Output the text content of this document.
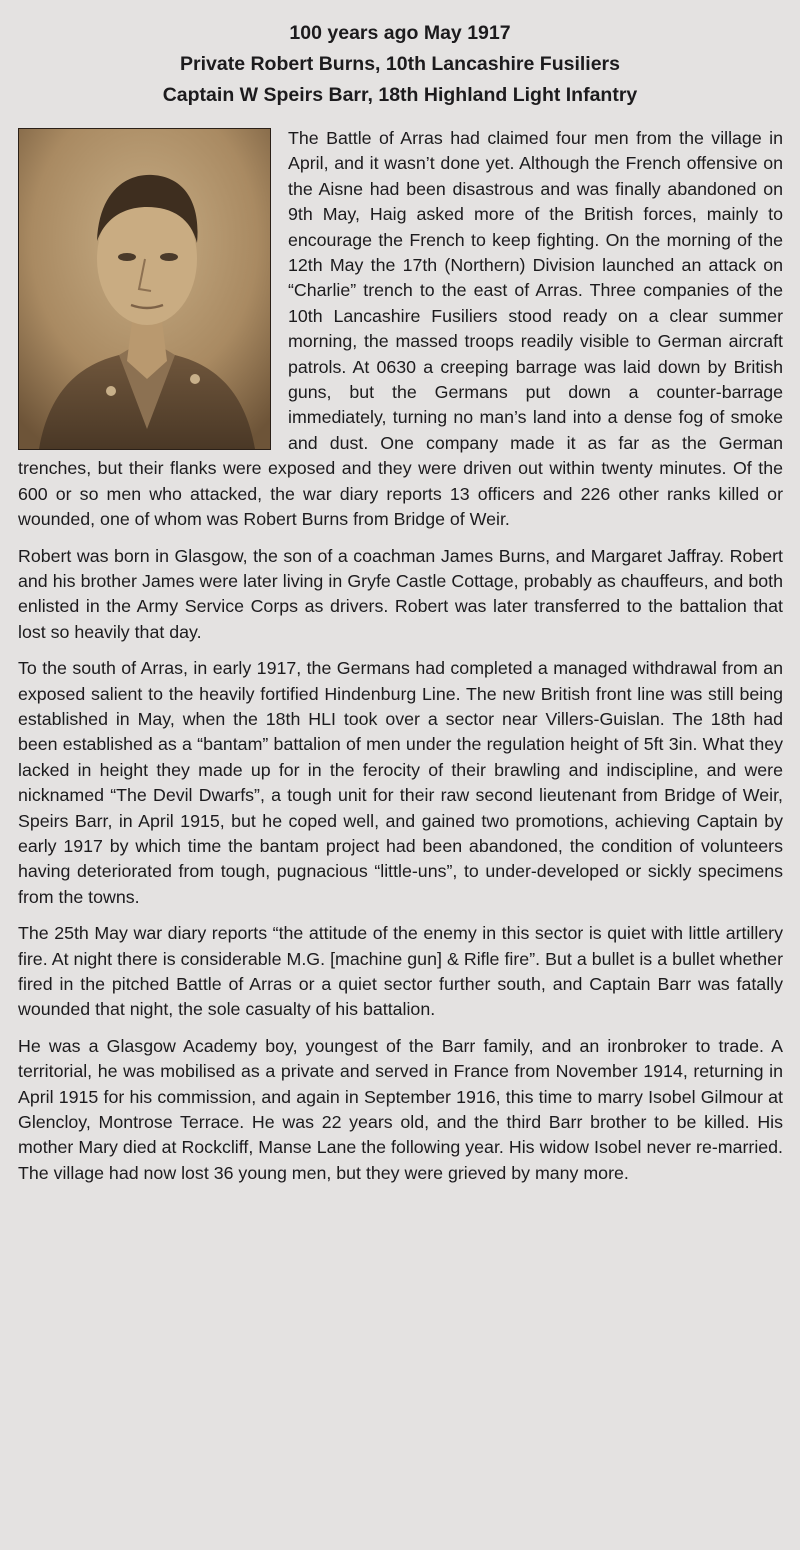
100 years ago May 1917

Private Robert Burns, 10th Lancashire Fusiliers

Captain W Speirs Barr, 18th Highland Light Infantry

The Battle of Arras had claimed four men from the village in April, and it wasn’t done yet. Although the French offensive on the Aisne had been disastrous and was finally abandoned on 9th May, Haig asked more of the British forces, mainly to encourage the French to keep fighting. On the morning of the 12th May the 17th (Northern) Division launched an attack on “Charlie” trench to the east of Arras. Three companies of the 10th Lancashire Fusiliers stood ready on a clear summer morning, the massed troops readily visible to German aircraft patrols. At 0630 a creeping barrage was laid down by British guns, but the Germans put down a counter-barrage immediately, turning no man’s land into a dense fog of smoke and dust. One company made it as far as the German trenches, but their flanks were exposed and they were driven out within twenty minutes. Of the 600 or so men who attacked, the war diary reports 13 officers and 226 other ranks killed or wounded, one of whom was Robert Burns from Bridge of Weir.

Robert was born in Glasgow, the son of a coachman James Burns, and Margaret Jaffray. Robert and his brother James were later living in Gryfe Castle Cottage, probably as chauffeurs, and both enlisted in the Army Service Corps as drivers. Robert was later transferred to the battalion that lost so heavily that day.

To the south of Arras, in early 1917, the Germans had completed a managed withdrawal from an exposed salient to the heavily fortified Hindenburg Line. The new British front line was still being established in May, when the 18th HLI took over a sector near Villers-Guislan. The 18th had been established as a “bantam” battalion of men under the regulation height of 5ft 3in. What they lacked in height they made up for in the ferocity of their brawling and indiscipline, and were nicknamed “The Devil Dwarfs”, a tough unit for their raw second lieutenant from Bridge of Weir, Speirs Barr, in April 1915, but he coped well, and gained two promotions, achieving Captain by early 1917 by which time the bantam project had been abandoned, the condition of volunteers having deteriorated from tough, pugnacious “little-uns”, to under-developed or sickly specimens from the towns.

The 25th May war diary reports “the attitude of the enemy in this sector is quiet with little artillery fire. At night there is considerable M.G. [machine gun] & Rifle fire”. But a bullet is a bullet whether fired in the pitched Battle of Arras or a quiet sector further south, and Captain Barr was fatally wounded that night, the sole casualty of his battalion.

He was a Glasgow Academy boy, youngest of the Barr family, and an ironbroker to trade. A territorial, he was mobilised as a private and served in France from November 1914, returning in April 1915 for his commission, and again in September 1916, this time to marry Isobel Gilmour at Glencloy, Montrose Terrace. He was 22 years old, and the third Barr brother to be killed. His mother Mary died at Rockcliff, Manse Lane the following year. His widow Isobel never re-married. The village had now lost 36 young men, but they were grieved by many more.
